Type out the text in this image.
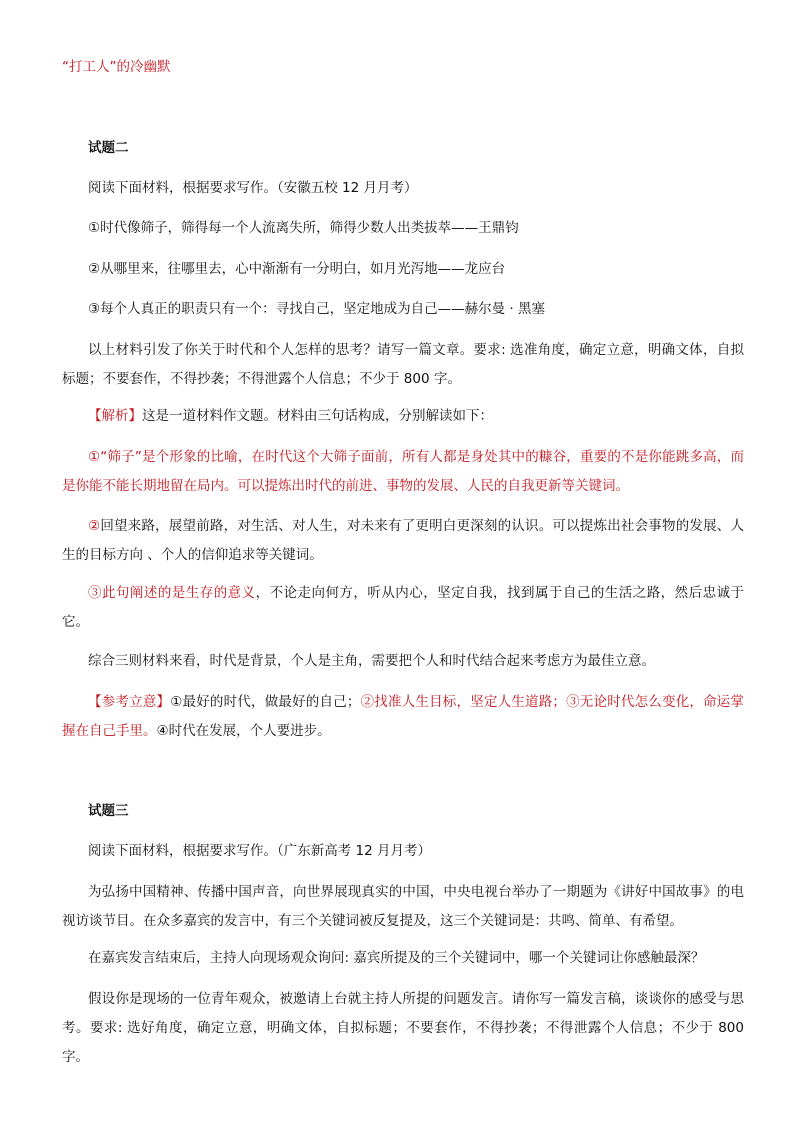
“打工人”的冷幽默
试题二
阅读下面材料，根据要求写作。（安徽五校 12 月月考）
①时代像筛子，筛得每一个人流离失所，筛得少数人出类拔萃——王鼎钧
②从哪里来，往哪里去，心中渐渐有一分明白，如月光泻地——龙应台
③每个人真正的职责只有一个：寻找自己，坚定地成为自己——赫尔曼 · 黑塞
以上材料引发了你关于时代和个人怎样的思考？请写一篇文章。要求: 选准角度，确定立意，明确文体，自拟标题；不要套作，不得抄袭；不得泄露个人信息；不少于 800 字。
【解析】这是一道材料作文题。材料由三句话构成，分别解读如下：
①“筛子”是个形象的比喻，在时代这个大筛子面前，所有人都是身处其中的糠谷，重要的不是你能跳多高，而是你能不能长期地留在局内。可以提炼出时代的前进、事物的发展、人民的自我更新等关键词。
②回望来路，展望前路，对生活、对人生，对未来有了更明白更深刻的认识。可以提炼出社会事物的发展、人生的目标方向 、个人的信仰追求等关键词。
③此句阐述的是生存的意义，不论走向何方，听从内心，坚定自我，找到属于自己的生活之路，然后忠诚于它。
综合三则材料来看，时代是背景，个人是主角，需要把个人和时代结合起来考虑方为最佳立意。
【参考立意】①最好的时代，做最好的自己；②找准人生目标，坚定人生道路；③无论时代怎么变化，命运掌握在自己手里。④时代在发展，个人要进步。
试题三
阅读下面材料，根据要求写作。（广东新高考 12 月月考）
为弘扬中国精神、传播中国声音，向世界展现真实的中国，中央电视台举办了一期题为《讲好中国故事》的电视访谈节目。在众多嘉宾的发言中，有三个关键词被反复提及，这三个关键词是：共鸣、简单、有希望。
在嘉宾发言结束后，主持人向现场观众询问: 嘉宾所提及的三个关键词中，哪一个关键词让你感触最深？
假设你是现场的一位青年观众，被邀请上台就主持人所提的问题发言。请你写一篇发言稿，谈谈你的感受与思考。要求: 选好角度，确定立意，明确文体，自拟标题；不要套作，不得抄袭；不得泄露个人信息；不少于 800 字。
